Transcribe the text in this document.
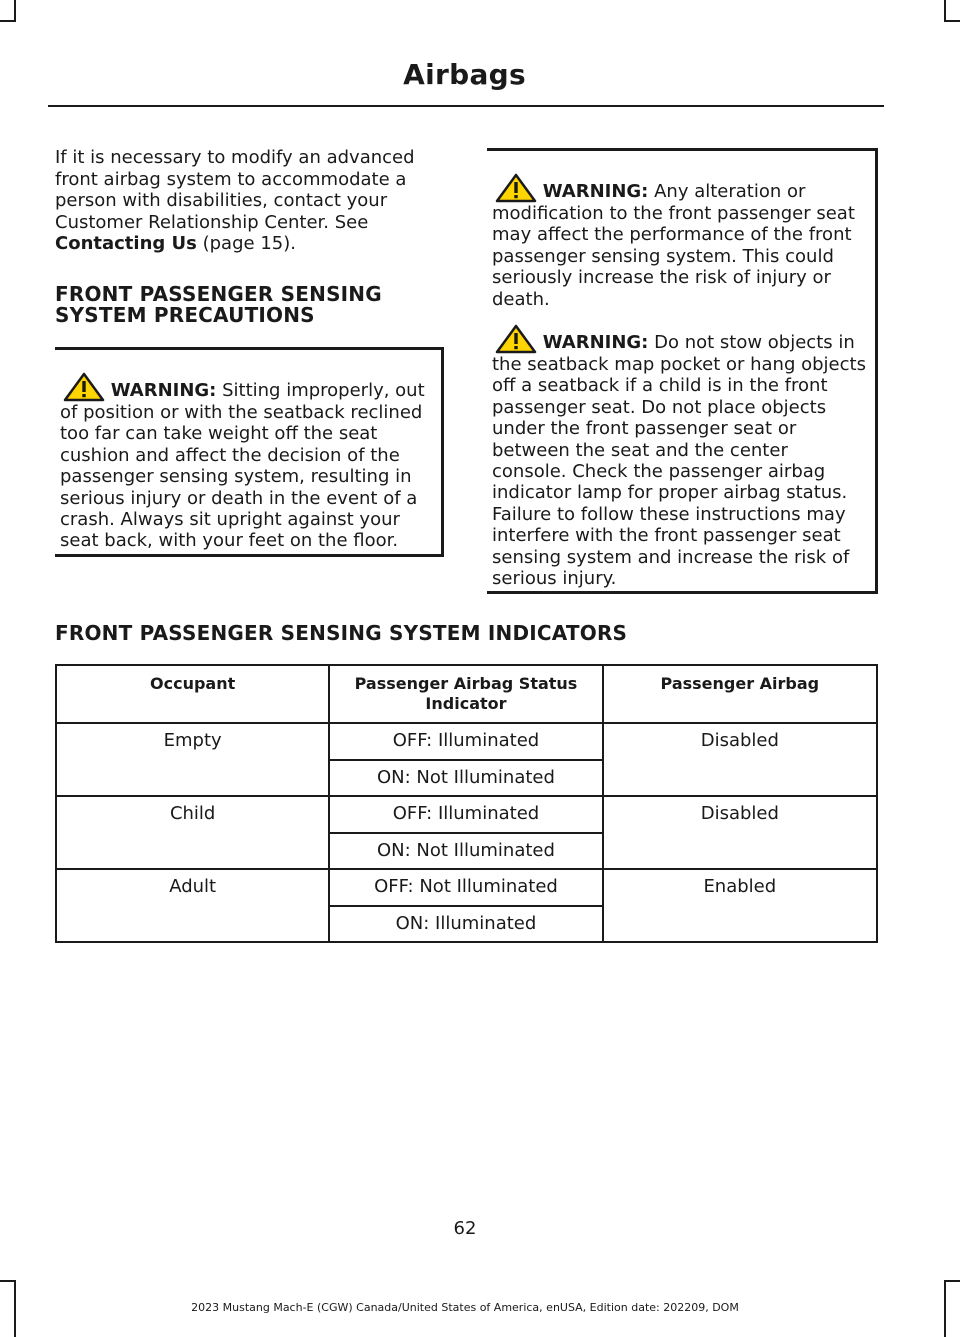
Airbags
If it is necessary to modify an advanced front airbag system to accommodate a person with disabilities, contact your Customer Relationship Center. See Contacting Us (page 15).
FRONT PASSENGER SENSING SYSTEM PRECAUTIONS
WARNING: Sitting improperly, out of position or with the seatback reclined too far can take weight off the seat cushion and affect the decision of the passenger sensing system, resulting in serious injury or death in the event of a crash. Always sit upright against your seat back, with your feet on the floor.
WARNING: Any alteration or modification to the front passenger seat may affect the performance of the front passenger sensing system. This could seriously increase the risk of injury or death.
WARNING: Do not stow objects in the seatback map pocket or hang objects off a seatback if a child is in the front passenger seat. Do not place objects under the front passenger seat or between the seat and the center console. Check the passenger airbag indicator lamp for proper airbag status. Failure to follow these instructions may interfere with the front passenger seat sensing system and increase the risk of serious injury.
FRONT PASSENGER SENSING SYSTEM INDICATORS
Occupant	Passenger Airbag Status Indicator	Passenger Airbag
Empty	OFF: Illuminated	Disabled
	ON: Not Illuminated	
Child	OFF: Illuminated	Disabled
	ON: Not Illuminated	
Adult	OFF: Not Illuminated	Enabled
	ON: Illuminated	
62
2023 Mustang Mach-E (CGW) Canada/United States of America, enUSA, Edition date: 202209, DOM
